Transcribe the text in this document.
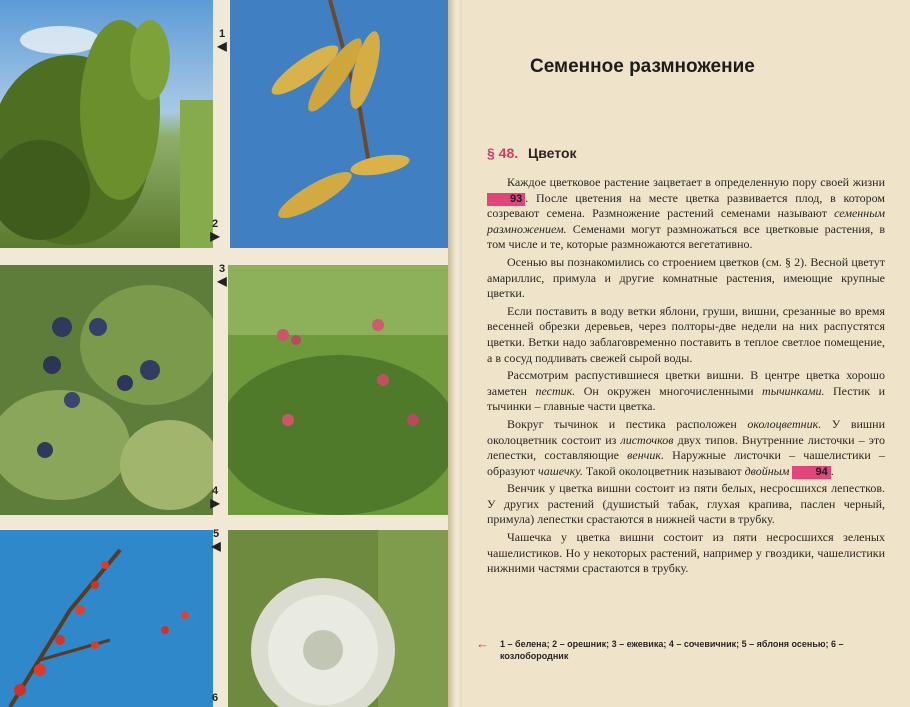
1
◀
2
▶
3
◀
4
▶
5
◀
6
Семенное размножение
§ 48. Цветок

Каждое цветковое растение зацветает в определенную пору своей жизни 93 . После цветения на месте цветка развивается плод, в котором созревают семена. Размножение растений семенами называют семенным размножением. Семенами могут размножаться все цветковые растения, в том числе и те, которые размножаются вегетативно.

Осенью вы познакомились со строением цветков (см. § 2). Весной цветут амариллис, примула и другие комнатные растения, имеющие крупные цветки.

Если поставить в воду ветки яблони, груши, вишни, срезанные во время весенней обрезки деревьев, через полторы-две недели на них распустятся цветки. Ветки надо заблаговременно поставить в теплое светлое помещение, а в сосуд подливать свежей сырой воды.

Рассмотрим распустившиеся цветки вишни. В центре цветка хорошо заметен пестик. Он окружен многочисленными тычинками. Пестик и тычинки – главные части цветка.

Вокруг тычинок и пестика расположен околоцветник. У вишни околоцветник состоит из листочков двух типов. Внутренние листочки – это лепестки, составляющие венчик. Наружные листочки – чашелистики – образуют чашечку. Такой околоцветник называют двойным 94 .

Венчик у цветка вишни состоит из пяти белых, несросшихся лепестков. У других растений (душистый табак, глухая крапива, паслен черный, примула) лепестки срастаются в нижней части в трубку.

Чашечка у цветка вишни состоит из пяти несросшихся зеленых чашелистиков. Но у некоторых растений, например у гвоздики, чашелистики нижними частями срастаются в трубку.

← 1 – белена; 2 – орешник; 3 – ежевика; 4 – сочевичник; 5 – яблоня осенью; 6 – козлобородник
